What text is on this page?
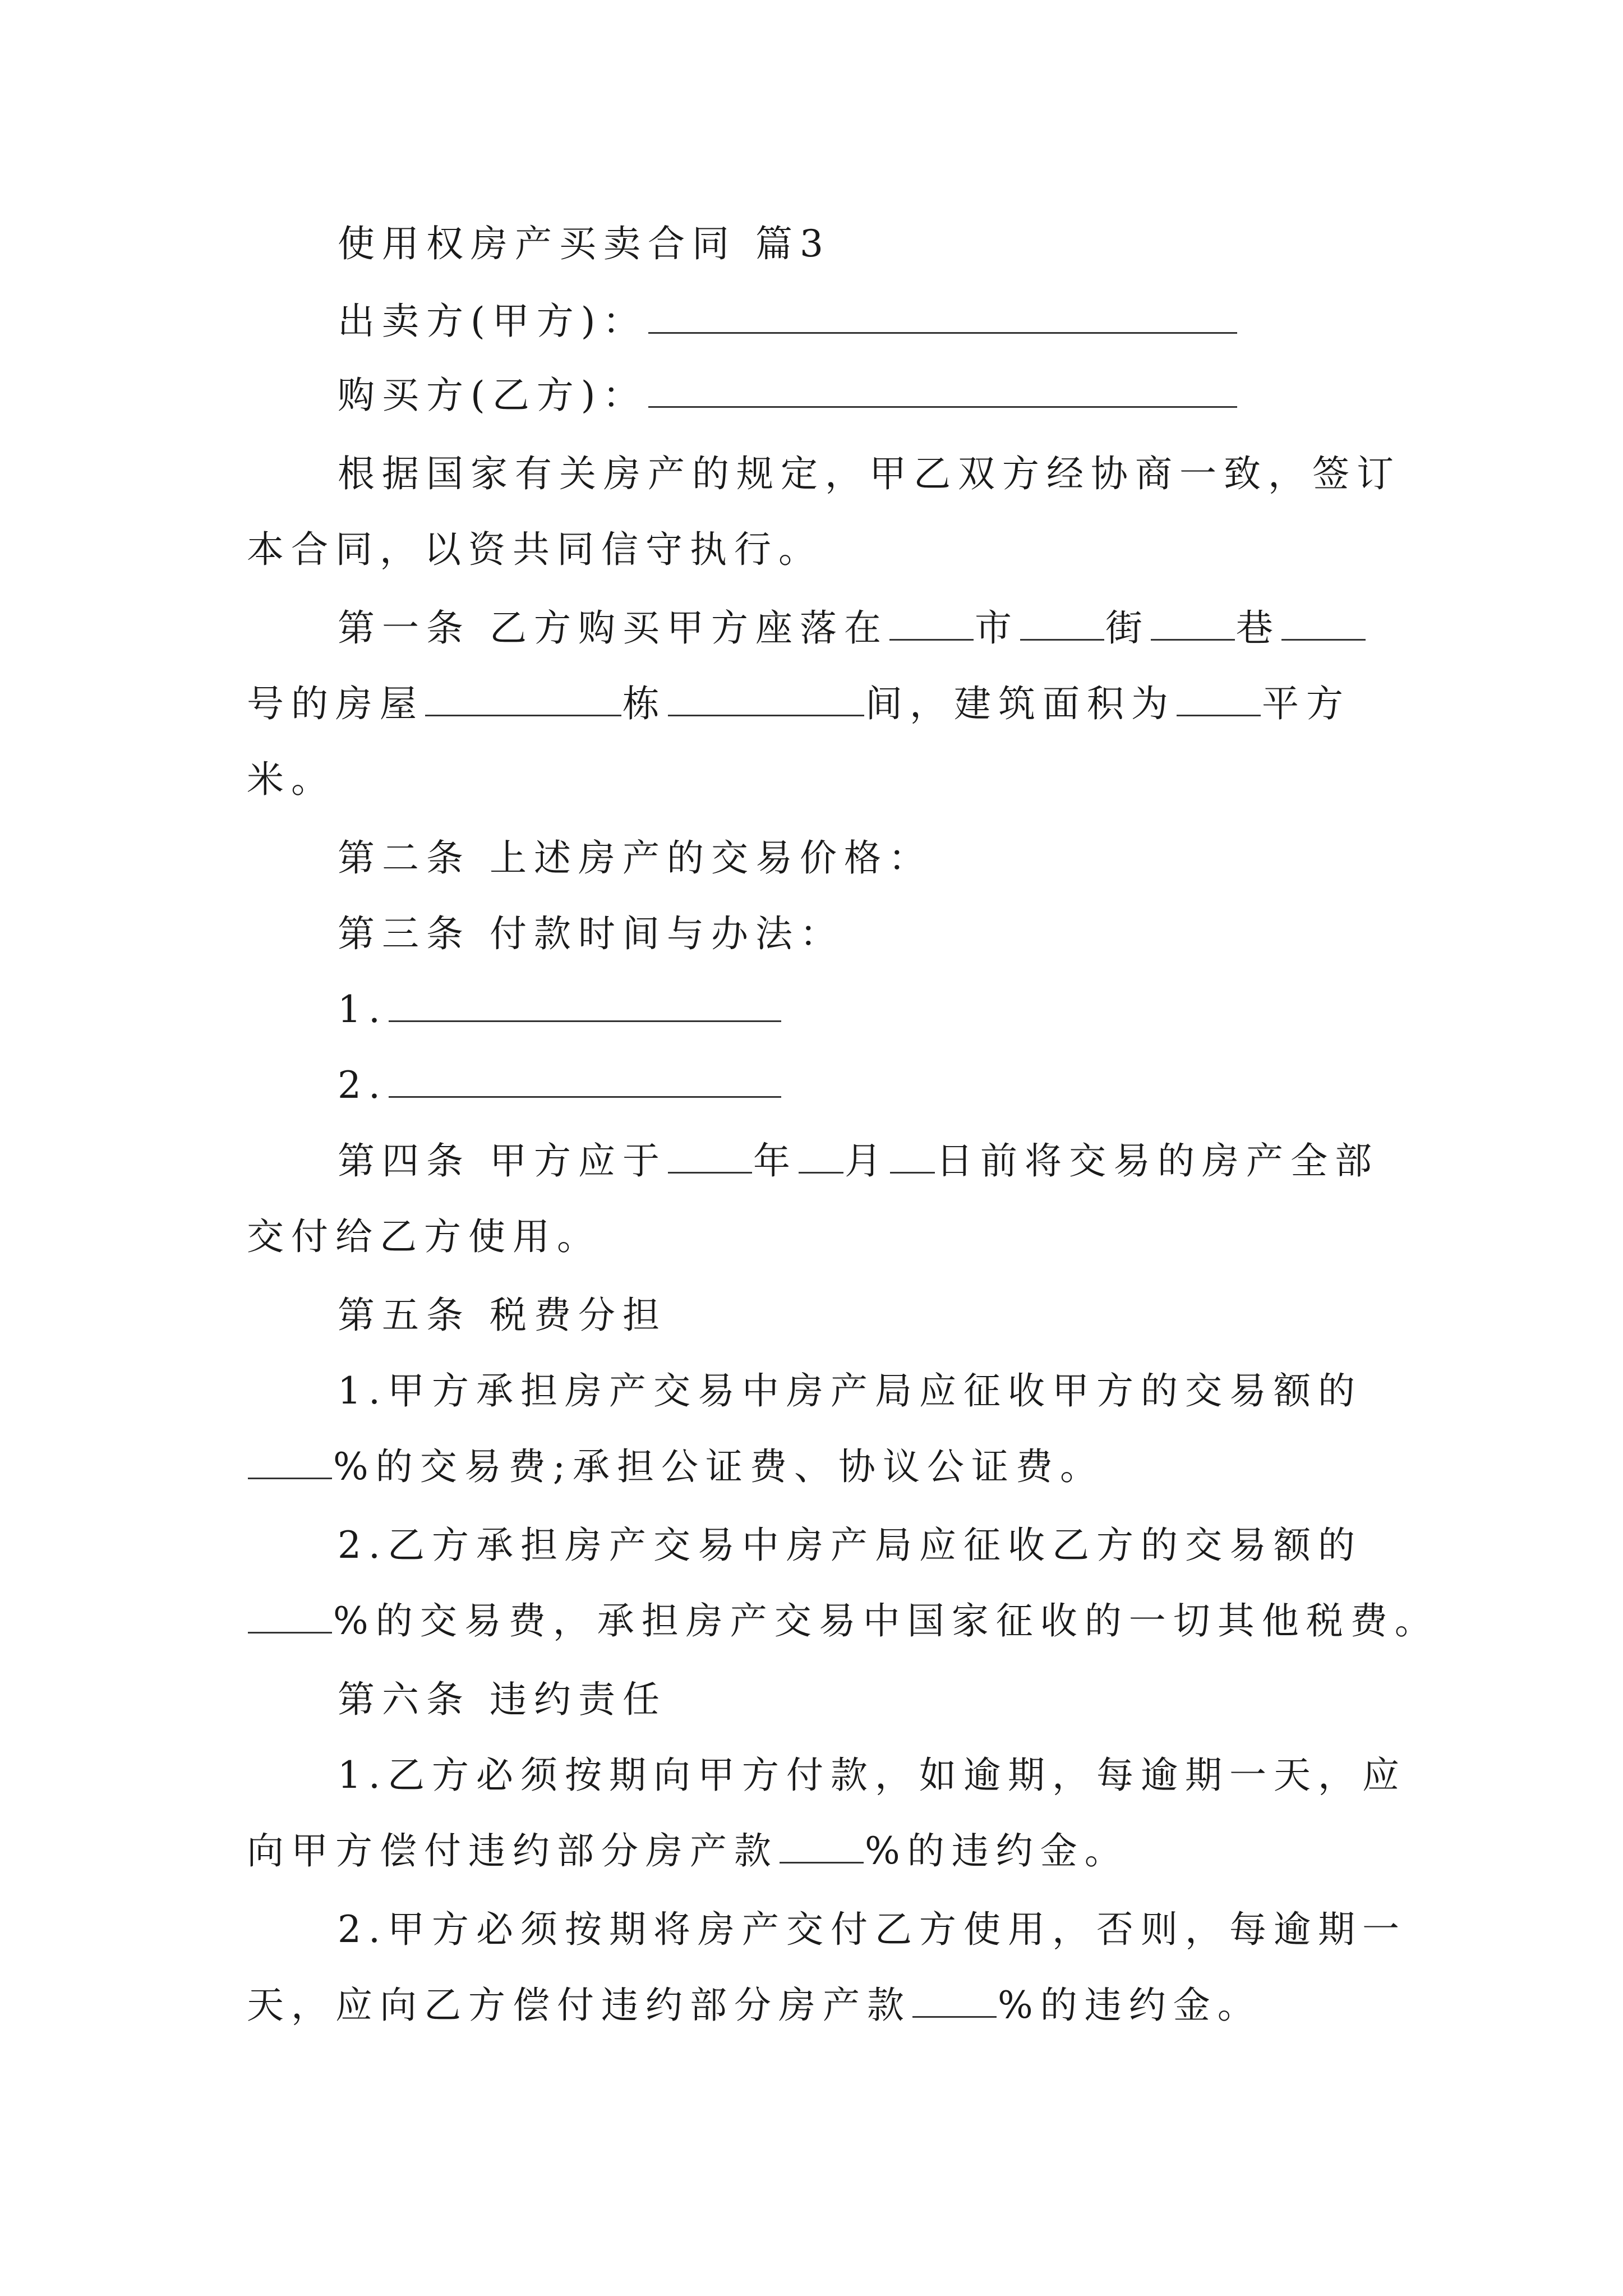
使用权房产买卖合同 篇3
出卖方(甲方)：
购买方(乙方)：
根据国家有关房产的规定，甲乙双方经协商一致，签订
本合同，以资共同信守执行。
第一条 乙方购买甲方座落在 市 街 巷
号的房屋	栋	间，建筑面积为 平方
米。
第二条 上述房产的交易价格：
第三条 付款时间与办法：
1.
2.
第四条 甲方应于 年 月 日前将交易的房产全部
交付给乙方使用。
第五条 税费分担
1.甲方承担房产交易中房产局应征收甲方的交易额的
%的交易费;承担公证费、协议公证费。
2.乙方承担房产交易中房产局应征收乙方的交易额的
%的交易费，承担房产交易中国家征收的一切其他税费。
第六条 违约责任
1.乙方必须按期向甲方付款，如逾期，每逾期一天，应
向甲方偿付违约部分房产款 %的违约金。
2.甲方必须按期将房产交付乙方使用，否则，每逾期一
天，应向乙方偿付违约部分房产款 %的违约金。
